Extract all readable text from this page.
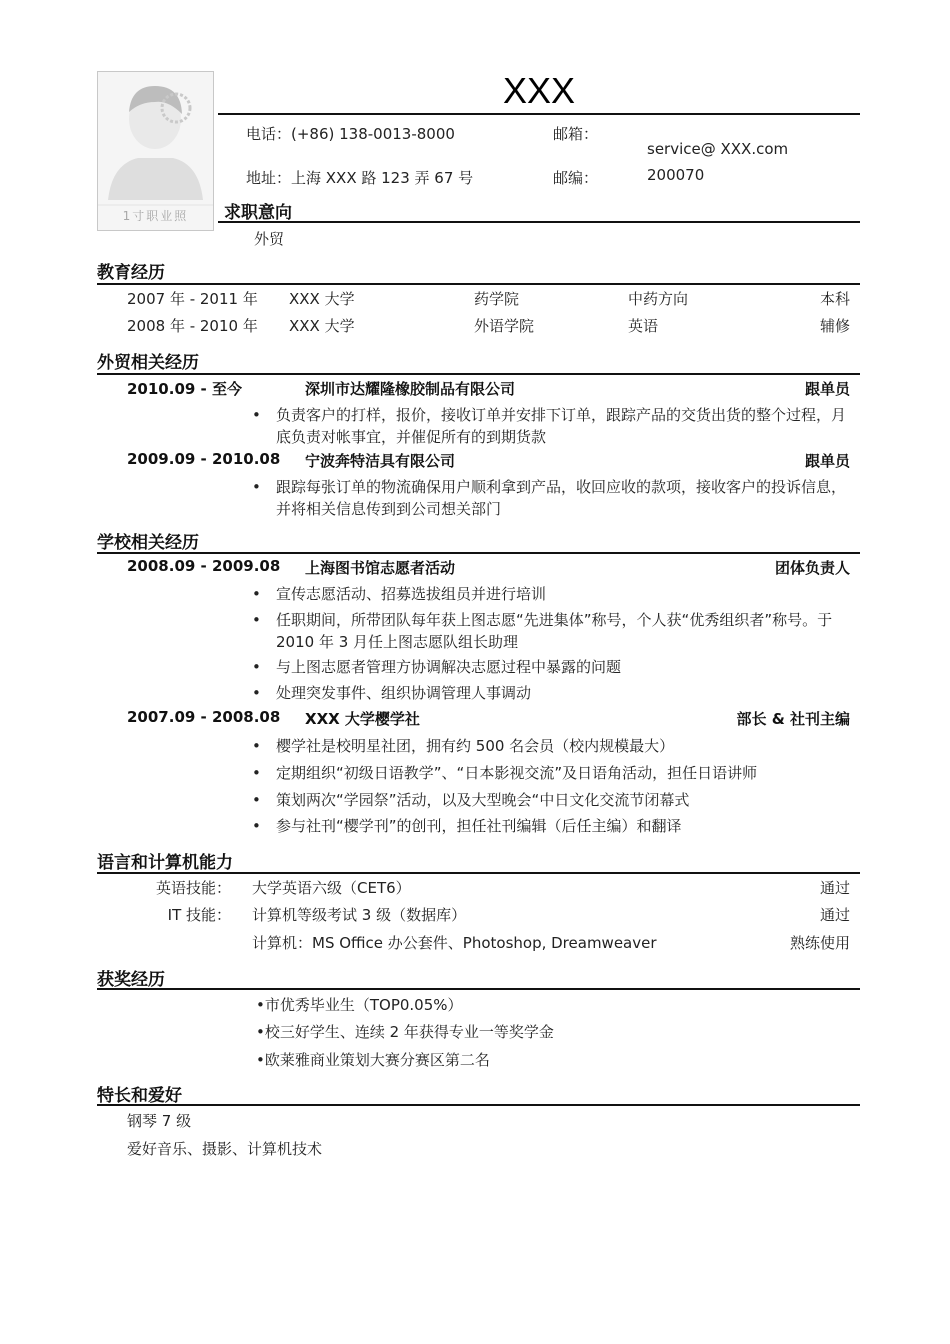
1寸职业照
XXX
电话：(+86) 138-0013-8000	邮箱：
service@ XXX.com
地址：上海 XXX 路 123 弄 67 号	邮编：	200070
求职意向
外贸
教育经历
2007 年 - 2011 年 XXX 大学	药学院	中药方向	本科
2008 年 - 2010 年 XXX 大学	外语学院	英语	辅修
外贸相关经历
2010.09 - 至今	深圳市达耀隆橡胶制品有限公司	跟单员
• 负责客户的打样，报价，接收订单并安排下订单，跟踪产品的交货出货的整个过程，月底负责对帐事宜，并催促所有的到期货款
2009.09 - 2010.08 宁波奔特洁具有限公司	跟单员
• 跟踪每张订单的物流确保用户顺利拿到产品，收回应收的款项，接收客户的投诉信息，并将相关信息传到到公司想关部门
学校相关经历
2008.09 - 2009.08 上海图书馆志愿者活动	团体负责人
• 宣传志愿活动、招募选拔组员并进行培训
• 任职期间，所带团队每年获上图志愿“先进集体”称号，个人获“优秀组织者”称号。于 2010 年 3 月任上图志愿队组长助理
• 与上图志愿者管理方协调解决志愿过程中暴露的问题
• 处理突发事件、组织协调管理人事调动
2007.09 - 2008.08 XXX 大学樱学社	部长 & 社刊主编
• 樱学社是校明星社团，拥有约 500 名会员（校内规模最大）
• 定期组织“初级日语教学”、“日本影视交流”及日语角活动，担任日语讲师
• 策划两次“学园祭”活动，以及大型晚会“中日文化交流节闭幕式
• 参与社刊“樱学刊”的创刊，担任社刊编辑（后任主编）和翻译
语言和计算机能力
英语技能： 大学英语六级（CET6）	通过
IT 技能： 计算机等级考试 3 级（数据库）	通过
计算机：MS Office 办公套件、Photoshop, Dreamweaver	熟练使用
获奖经历
•市优秀毕业生（TOP0.05%）
•校三好学生、连续 2 年获得专业一等奖学金
•欧莱雅商业策划大赛分赛区第二名
特长和爱好
钢琴 7 级
爱好音乐、摄影、计算机技术
